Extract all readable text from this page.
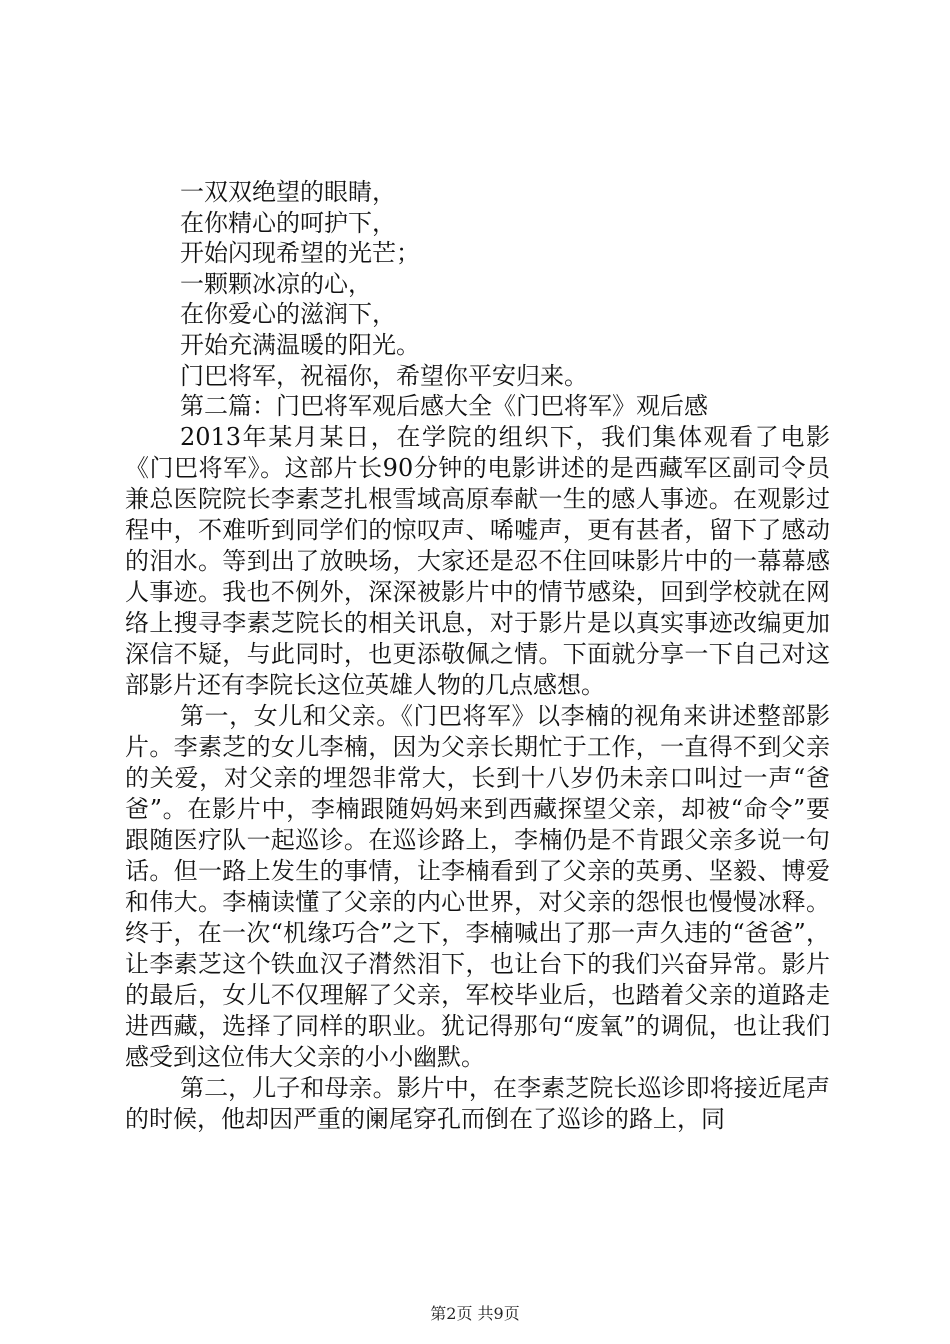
一双双绝望的眼睛，
在你精心的呵护下，
开始闪现希望的光芒；
一颗颗冰凉的心，
在你爱心的滋润下，
开始充满温暖的阳光。
门巴将军，祝福你，希望你平安归来。
第二篇：门巴将军观后感大全《门巴将军》观后感

2013年某月某日，在学院的组织下，我们集体观看了电影《门巴将军》。这部片长90分钟的电影讲述的是西藏军区副司令员兼总医院院长李素芝扎根雪域高原奉献一生的感人事迹。在观影过程中，不难听到同学们的惊叹声、唏嘘声，更有甚者，留下了感动的泪水。等到出了放映场，大家还是忍不住回味影片中的一幕幕感人事迹。我也不例外，深深被影片中的情节感染，回到学校就在网络上搜寻李素芝院长的相关讯息，对于影片是以真实事迹改编更加深信不疑，与此同时，也更添敬佩之情。下面就分享一下自己对这部影片还有李院长这位英雄人物的几点感想。

第一，女儿和父亲。《门巴将军》以李楠的视角来讲述整部影片。李素芝的女儿李楠，因为父亲长期忙于工作，一直得不到父亲的关爱，对父亲的埋怨非常大，长到十八岁仍未亲口叫过一声“爸爸”。在影片中，李楠跟随妈妈来到西藏探望父亲，却被“命令”要跟随医疗队一起巡诊。在巡诊路上，李楠仍是不肯跟父亲多说一句话。但一路上发生的事情，让李楠看到了父亲的英勇、坚毅、博爱和伟大。李楠读懂了父亲的内心世界，对父亲的怨恨也慢慢冰释。终于，在一次“机缘巧合”之下，李楠喊出了那一声久违的“爸爸”，让李素芝这个铁血汉子潸然泪下，也让台下的我们兴奋异常。影片的最后，女儿不仅理解了父亲，军校毕业后，也踏着父亲的道路走进西藏，选择了同样的职业。犹记得那句“废氧”的调侃，也让我们感受到这位伟大父亲的小小幽默。

第二，儿子和母亲。影片中，在李素芝院长巡诊即将接近尾声的时候，他却因严重的阑尾穿孔而倒在了巡诊的路上，同

第2页 共9页
